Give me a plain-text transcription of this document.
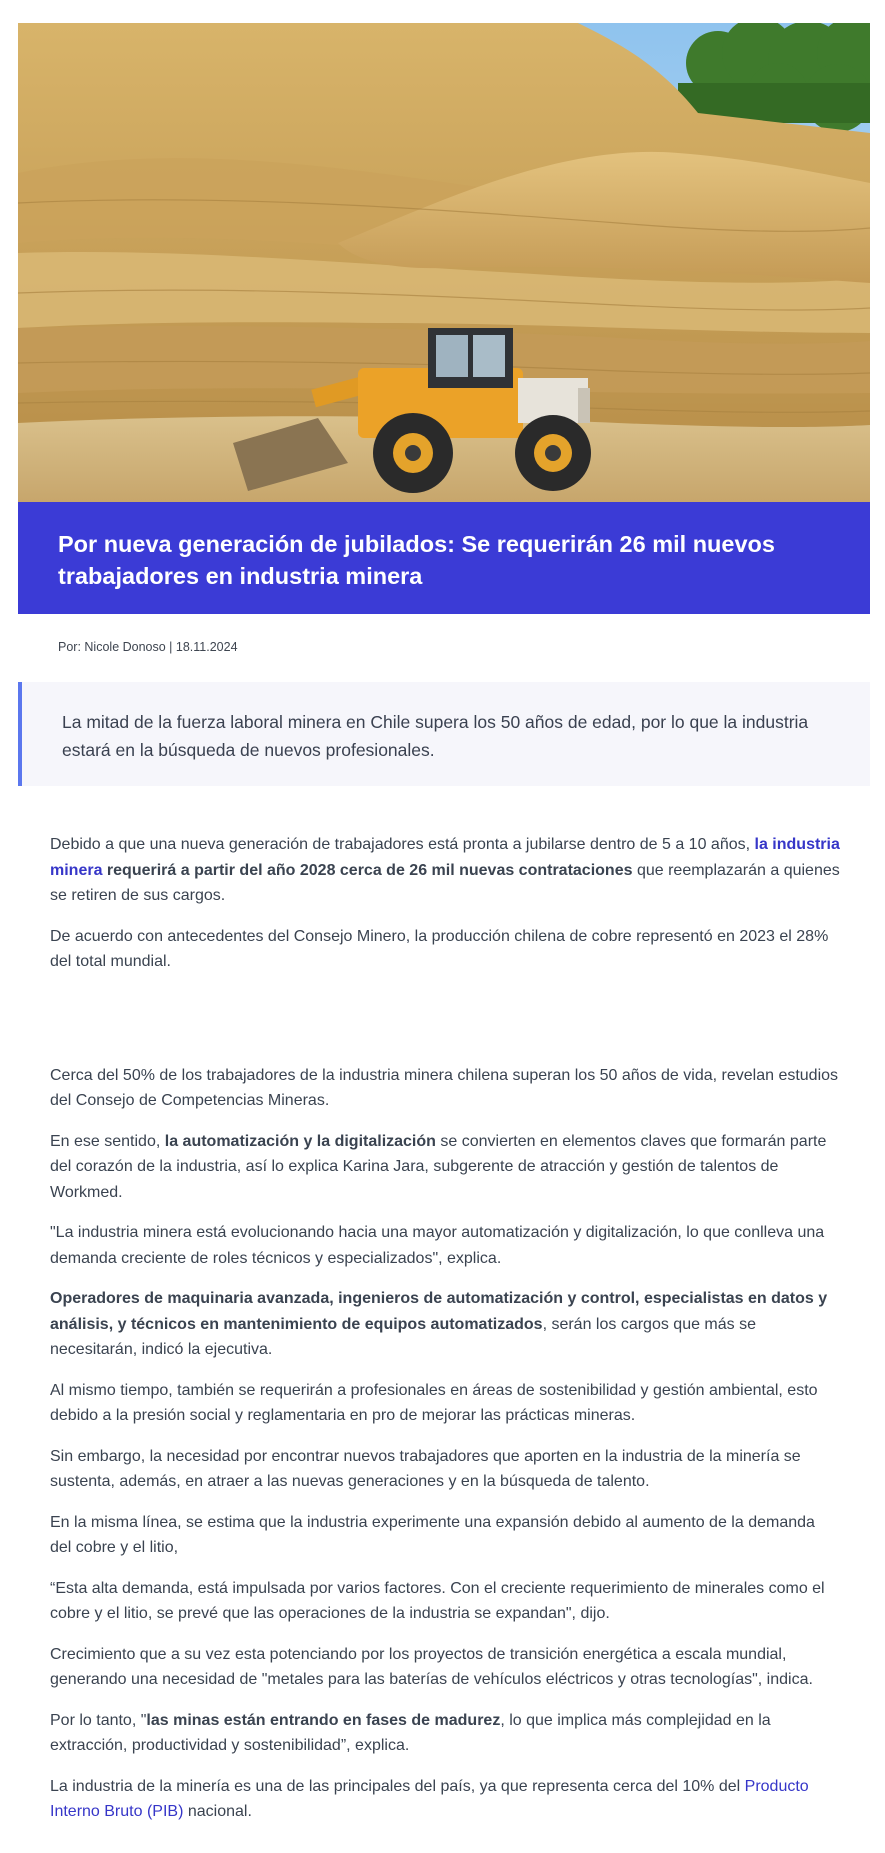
Por nueva generación de jubilados: Se requerirán 26 mil nuevos trabajadores en industria minera
Por: Nicole Donoso | 18.11.2024

La mitad de la fuerza laboral minera en Chile supera los 50 años de edad, por lo que la industria estará en la búsqueda de nuevos profesionales.

Debido a que una nueva generación de trabajadores está pronta a jubilarse dentro de 5 a 10 años, la industria minera requerirá a partir del año 2028 cerca de 26 mil nuevas contrataciones que reemplazarán a quienes se retiren de sus cargos.

De acuerdo con antecedentes del Consejo Minero, la producción chilena de cobre representó en 2023 el 28% del total mundial.

Cerca del 50% de los trabajadores de la industria minera chilena superan los 50 años de vida, revelan estudios del Consejo de Competencias Mineras.

En ese sentido, la automatización y la digitalización se convierten en elementos claves que formarán parte del corazón de la industria, así lo explica Karina Jara, subgerente de atracción y gestión de talentos de Workmed.

"La industria minera está evolucionando hacia una mayor automatización y digitalización, lo que conlleva una demanda creciente de roles técnicos y especializados", explica.

Operadores de maquinaria avanzada, ingenieros de automatización y control, especialistas en datos y análisis, y técnicos en mantenimiento de equipos automatizados, serán los cargos que más se necesitarán, indicó la ejecutiva.

Al mismo tiempo, también se requerirán a profesionales en áreas de sostenibilidad y gestión ambiental, esto debido a la presión social y reglamentaria en pro de mejorar las prácticas mineras.

Sin embargo, la necesidad por encontrar nuevos trabajadores que aporten en la industria de la minería se sustenta, además, en atraer a las nuevas generaciones y en la búsqueda de talento.

En la misma línea, se estima que la industria experimente una expansión debido al aumento de la demanda del cobre y el litio,

“Esta alta demanda, está impulsada por varios factores. Con el creciente requerimiento de minerales como el cobre y el litio, se prevé que las operaciones de la industria se expandan", dijo.

Crecimiento que a su vez esta potenciando por los proyectos de transición energética a escala mundial, generando una necesidad de "metales para las baterías de vehículos eléctricos y otras tecnologías", indica.

Por lo tanto, "las minas están entrando en fases de madurez, lo que implica más complejidad en la extracción, productividad y sostenibilidad”, explica.

La industria de la minería es una de las principales del país, ya que representa cerca del 10% del Producto Interno Bruto (PIB) nacional.
